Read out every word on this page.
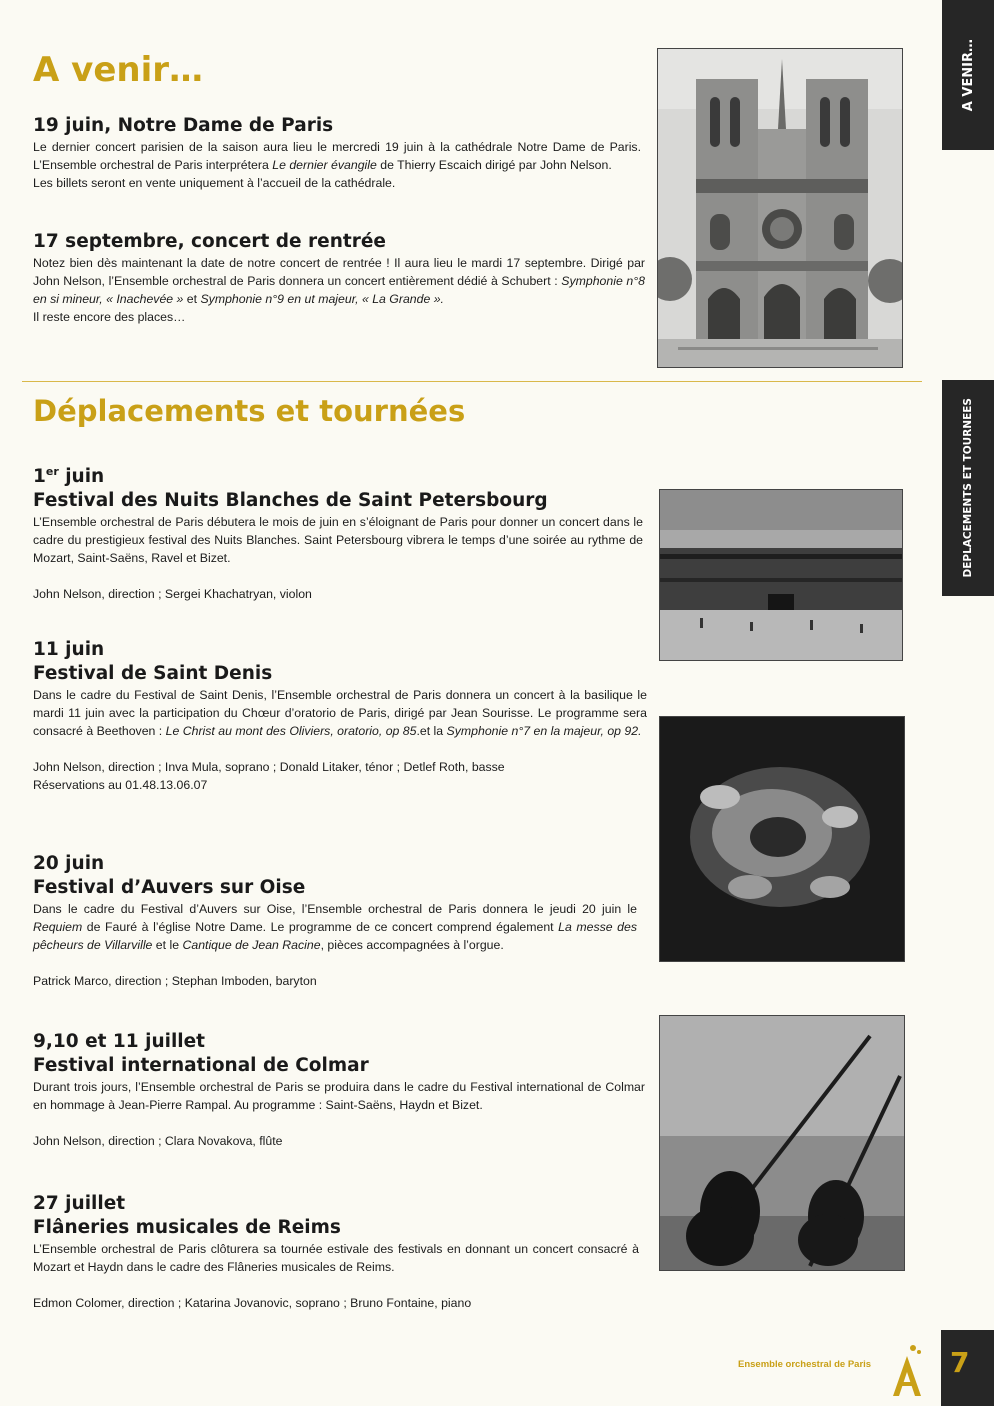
A venir…	A VENIR…
19 juin, Notre Dame de Paris

Le dernier concert parisien de la saison aura lieu le mercredi 19 juin à la cathédrale Notre Dame de Paris. L’Ensemble orchestral de Paris interprétera Le dernier évangile de Thierry Escaich dirigé par John Nelson.

Les billets seront en vente uniquement à l’accueil de la cathédrale.

17 septembre, concert de rentrée

Notez bien dès maintenant la date de notre concert de rentrée ! Il aura lieu le mardi 17 septembre. Dirigé par John Nelson, l’Ensemble orchestral de Paris donnera un concert entièrement dédié à Schubert : Symphonie n°8 en si mineur, « Inachevée » et Symphonie n°9 en ut majeur, « La Grande ».

Il reste encore des places…

Déplacements et tournées	DEPLACEMENTS ET TOURNEES
1er juin
Festival des Nuits Blanches de Saint Petersbourg

L’Ensemble orchestral de Paris débutera le mois de juin en s’éloignant de Paris pour donner un concert dans le cadre du prestigieux festival des Nuits Blanches. Saint Petersbourg vibrera le temps d’une soirée au rythme de Mozart, Saint-Saëns, Ravel et Bizet.

John Nelson, direction ; Sergei Khachatryan, violon

11 juin
Festival de Saint Denis

Dans le cadre du Festival de Saint Denis, l’Ensemble orchestral de Paris donnera un concert à la basilique le mardi 11 juin avec la participation du Chœur d’oratorio de Paris, dirigé par Jean Sourisse. Le programme sera consacré à Beethoven : Le Christ au mont des Oliviers, oratorio, op 85.et la Symphonie n°7 en la majeur, op 92.

John Nelson, direction ; Inva Mula, soprano ; Donald Litaker, ténor ; Detlef Roth, basse

Réservations au 01.48.13.06.07

20 juin
Festival d’Auvers sur Oise

Dans le cadre du Festival d’Auvers sur Oise, l’Ensemble orchestral de Paris donnera le jeudi 20 juin le Requiem de Fauré à l’église Notre Dame. Le programme de ce concert comprend également La messe des pêcheurs de Villarville et le Cantique de Jean Racine, pièces accompagnées à l’orgue.

Patrick Marco, direction ; Stephan Imboden, baryton

9,10 et 11 juillet
Festival international de Colmar

Durant trois jours, l’Ensemble orchestral de Paris se produira dans le cadre du Festival international de Colmar en hommage à Jean-Pierre Rampal. Au programme : Saint-Saëns, Haydn et Bizet.

John Nelson, direction ; Clara Novakova, flûte

27 juillet
Flâneries musicales de Reims

L’Ensemble orchestral de Paris clôturera sa tournée estivale des festivals en donnant un concert consacré à Mozart et Haydn dans le cadre des Flâneries musicales de Reims.

Edmon Colomer, direction ; Katarina Jovanovic, soprano ; Bruno Fontaine, piano

Ensemble orchestral de Paris	7
